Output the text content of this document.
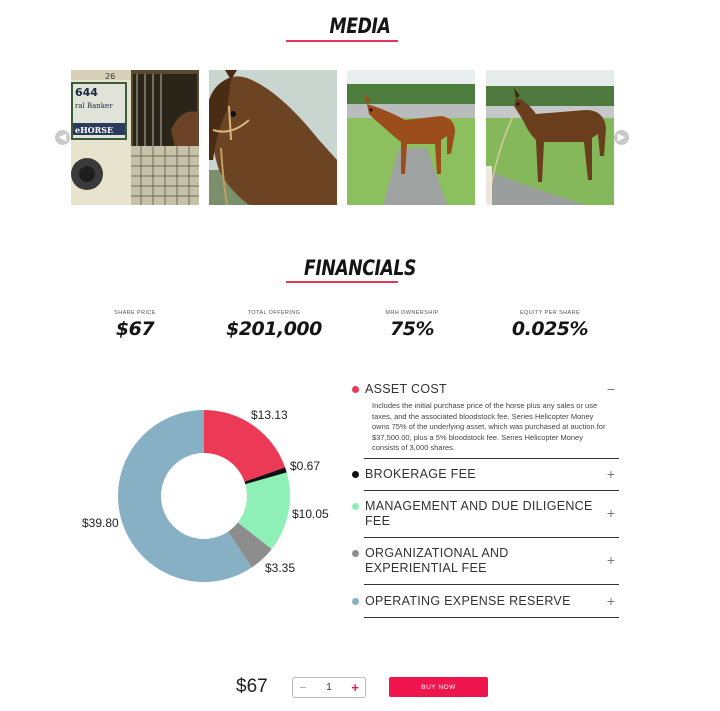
MEDIA
◀	▶
644
ral Banker
eHORSE
26
FINANCIALS
SHARE PRICE
$67
TOTAL OFFERING
$201,000
MRH OWNERSHIP
75%
EQUITY PER SHARE
0.025%
$13.13
$0.67
$10.05
$3.35
$39.80
ASSET COST	−
Includes the initial purchase price of the horse plus any sales or use taxes, and the associated bloodstock fee. Series Helicopter Money owns 75% of the underlying asset, which was purchased at auction for $37,500.00, plus a 5% bloodstock fee. Series Helicopter Money consists of 3,000 shares.
BROKERAGE FEE	+
MANAGEMENT AND DUE DILIGENCE FEE	+
ORGANIZATIONAL AND EXPERIENTIAL FEE	+
OPERATING EXPENSE RESERVE	+
$67 −
1	+	BUY NOW
